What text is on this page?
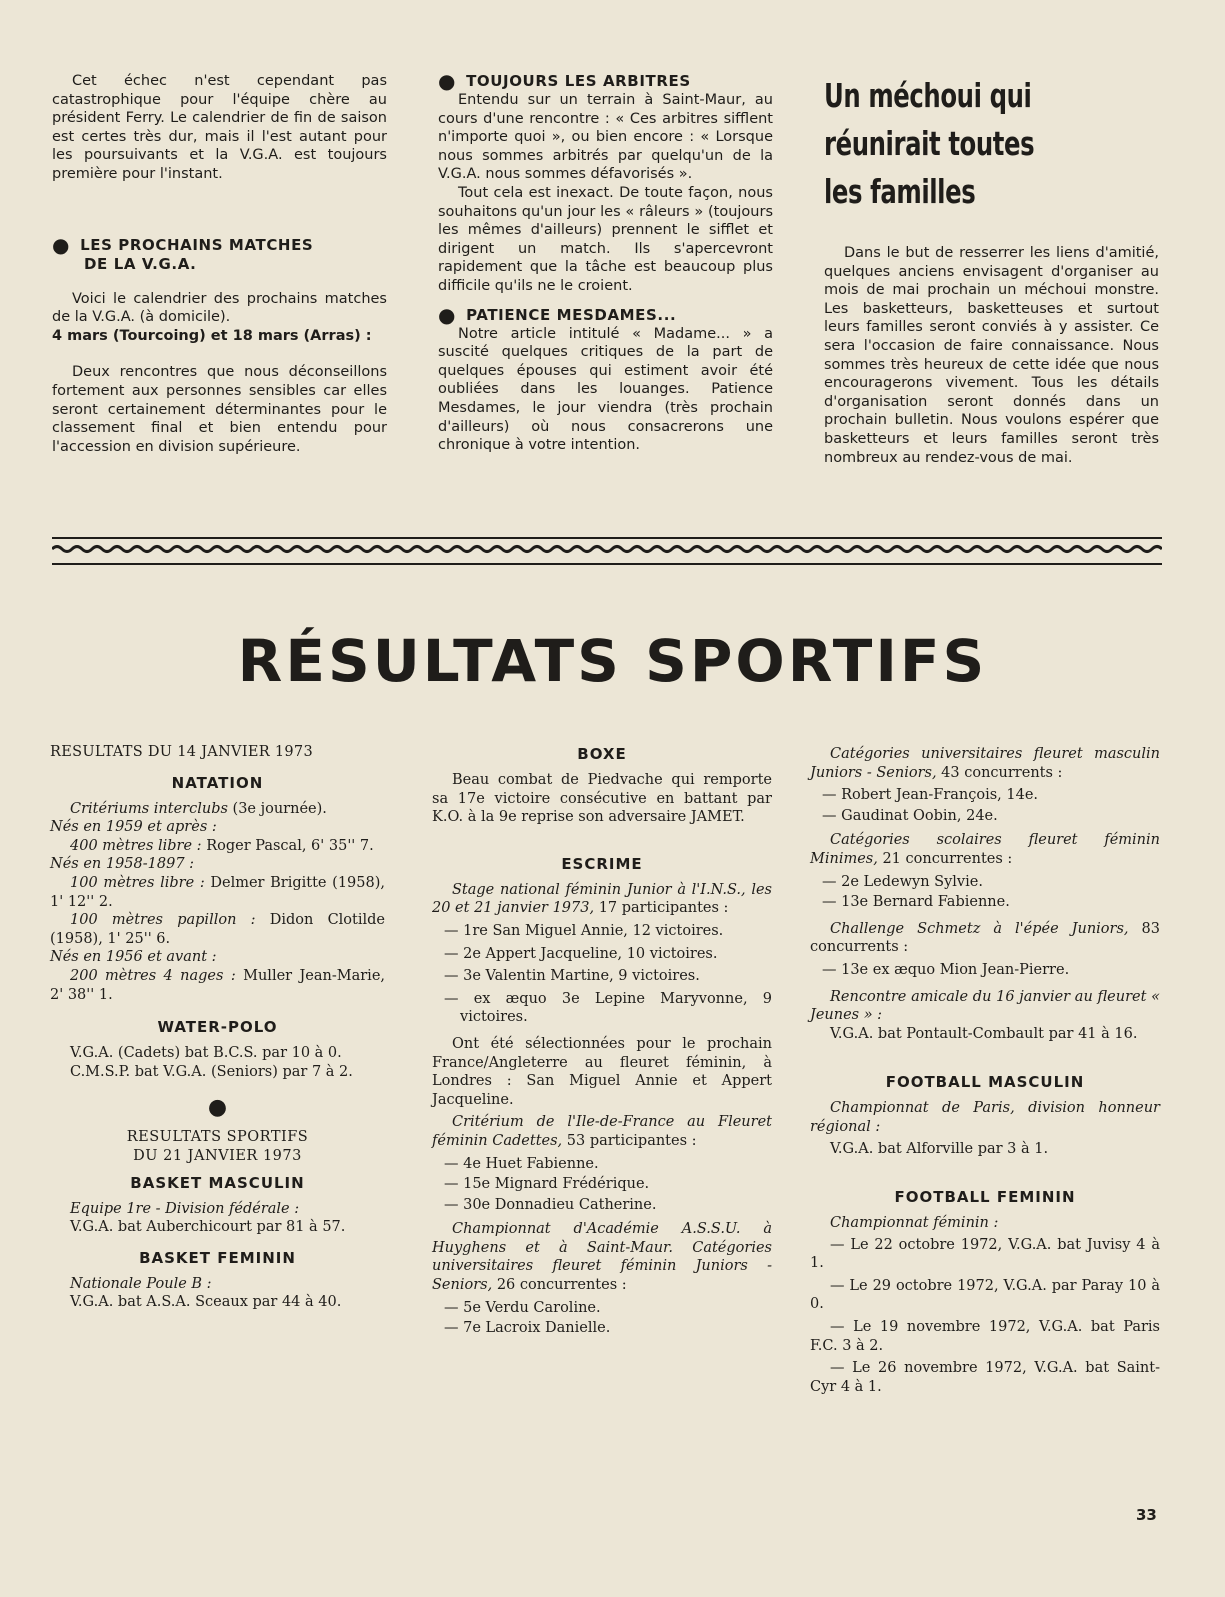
Cet échec n'est cependant pas catastrophique pour l'équipe chère au président Ferry. Le calendrier de fin de saison est certes très dur, mais il l'est autant pour les poursuivants et la V.G.A. est toujours première pour l'instant.

● LES PROCHAINS MATCHES

DE LA V.G.A.

Voici le calendrier des prochains matches de la V.G.A. (à domicile).

4 mars (Tourcoing) et 18 mars (Arras) :

Deux rencontres que nous déconseillons fortement aux personnes sensibles car elles seront certainement déterminantes pour le classement final et bien entendu pour l'accession en division supérieure.

● TOUJOURS LES ARBITRES

Entendu sur un terrain à Saint-Maur, au cours d'une rencontre : « Ces arbitres sifflent n'importe quoi », ou bien encore : « Lorsque nous sommes arbitrés par quelqu'un de la V.G.A. nous sommes défavorisés ».

Tout cela est inexact. De toute façon, nous souhaitons qu'un jour les « râleurs » (toujours les mêmes d'ailleurs) prennent le sifflet et dirigent un match. Ils s'apercevront rapidement que la tâche est beaucoup plus difficile qu'ils ne le croient.

● PATIENCE MESDAMES...

Notre article intitulé « Madame... » a suscité quelques critiques de la part de quelques épouses qui estiment avoir été oubliées dans les louanges. Patience Mesdames, le jour viendra (très prochain d'ailleurs) où nous consacrerons une chronique à votre intention.

Un méchoui qui

réunirait toutes

les familles

Dans le but de resserrer les liens d'amitié, quelques anciens envisagent d'organiser au mois de mai prochain un méchoui monstre. Les basketteurs, basketteuses et surtout leurs familles seront conviés à y assister. Ce sera l'occasion de faire connaissance. Nous sommes très heureux de cette idée que nous encouragerons vivement. Tous les détails d'organisation seront donnés dans un prochain bulletin. Nous voulons espérer que basketteurs et leurs familles seront très nombreux au rendez-vous de mai.

RÉSULTATS SPORTIFS

RESULTATS DU 14 JANVIER 1973

NATATION

Critériums interclubs (3e journée).

Nés en 1959 et après :

400 mètres libre : Roger Pascal, 6' 35'' 7.

Nés en 1958-1897 :

100 mètres libre : Delmer Brigitte (1958), 1' 12'' 2.

100 mètres papillon : Didon Clotilde (1958), 1' 25'' 6.

Nés en 1956 et avant :

200 mètres 4 nages : Muller Jean-Marie, 2' 38'' 1.

WATER-POLO

V.G.A. (Cadets) bat B.C.S. par 10 à 0.

C.M.S.P. bat V.G.A. (Seniors) par 7 à 2.

●

RESULTATS SPORTIFS

DU 21 JANVIER 1973

BASKET MASCULIN

Equipe 1re - Division fédérale :

V.G.A. bat Auberchicourt par 81 à 57.

BASKET FEMININ

Nationale Poule B :

V.G.A. bat A.S.A. Sceaux par 44 à 40.

BOXE

Beau combat de Piedvache qui remporte sa 17e victoire consécutive en battant par K.O. à la 9e reprise son adversaire JAMET.

ESCRIME

Stage national féminin Junior à l'I.N.S., les 20 et 21 janvier 1973, 17 participantes :

— 1re San Miguel Annie, 12 victoires.

— 2e Appert Jacqueline, 10 victoires.

— 3e Valentin Martine, 9 victoires.

— ex æquo 3e Lepine Maryvonne, 9 victoires.

Ont été sélectionnées pour le prochain France/Angleterre au fleuret féminin, à Londres : San Miguel Annie et Appert Jacqueline.

Critérium de l'Ile-de-France au Fleuret féminin Cadettes, 53 participantes :

— 4e Huet Fabienne.

— 15e Mignard Frédérique.

— 30e Donnadieu Catherine.

Championnat d'Académie A.S.S.U. à Huyghens et à Saint-Maur. Catégories universitaires fleuret féminin Juniors - Seniors, 26 concurrentes :

— 5e Verdu Caroline.

— 7e Lacroix Danielle.

Catégories universitaires fleuret masculin Juniors - Seniors, 43 concurrents :

— Robert Jean-François, 14e.

— Gaudinat Oobin, 24e.

Catégories scolaires fleuret féminin Minimes, 21 concurrentes :

— 2e Ledewyn Sylvie.

— 13e Bernard Fabienne.

Challenge Schmetz à l'épée Juniors, 83 concurrents :

— 13e ex æquo Mion Jean-Pierre.

Rencontre amicale du 16 janvier au fleuret « Jeunes » :

V.G.A. bat Pontault-Combault par 41 à 16.

FOOTBALL MASCULIN

Championnat de Paris, division honneur régional :

V.G.A. bat Alforville par 3 à 1.

FOOTBALL FEMININ

Championnat féminin :

— Le 22 octobre 1972, V.G.A. bat Juvisy 4 à 1.

— Le 29 octobre 1972, V.G.A. par Paray 10 à 0.

— Le 19 novembre 1972, V.G.A. bat Paris F.C. 3 à 2.

— Le 26 novembre 1972, V.G.A. bat Saint-Cyr 4 à 1.

33
